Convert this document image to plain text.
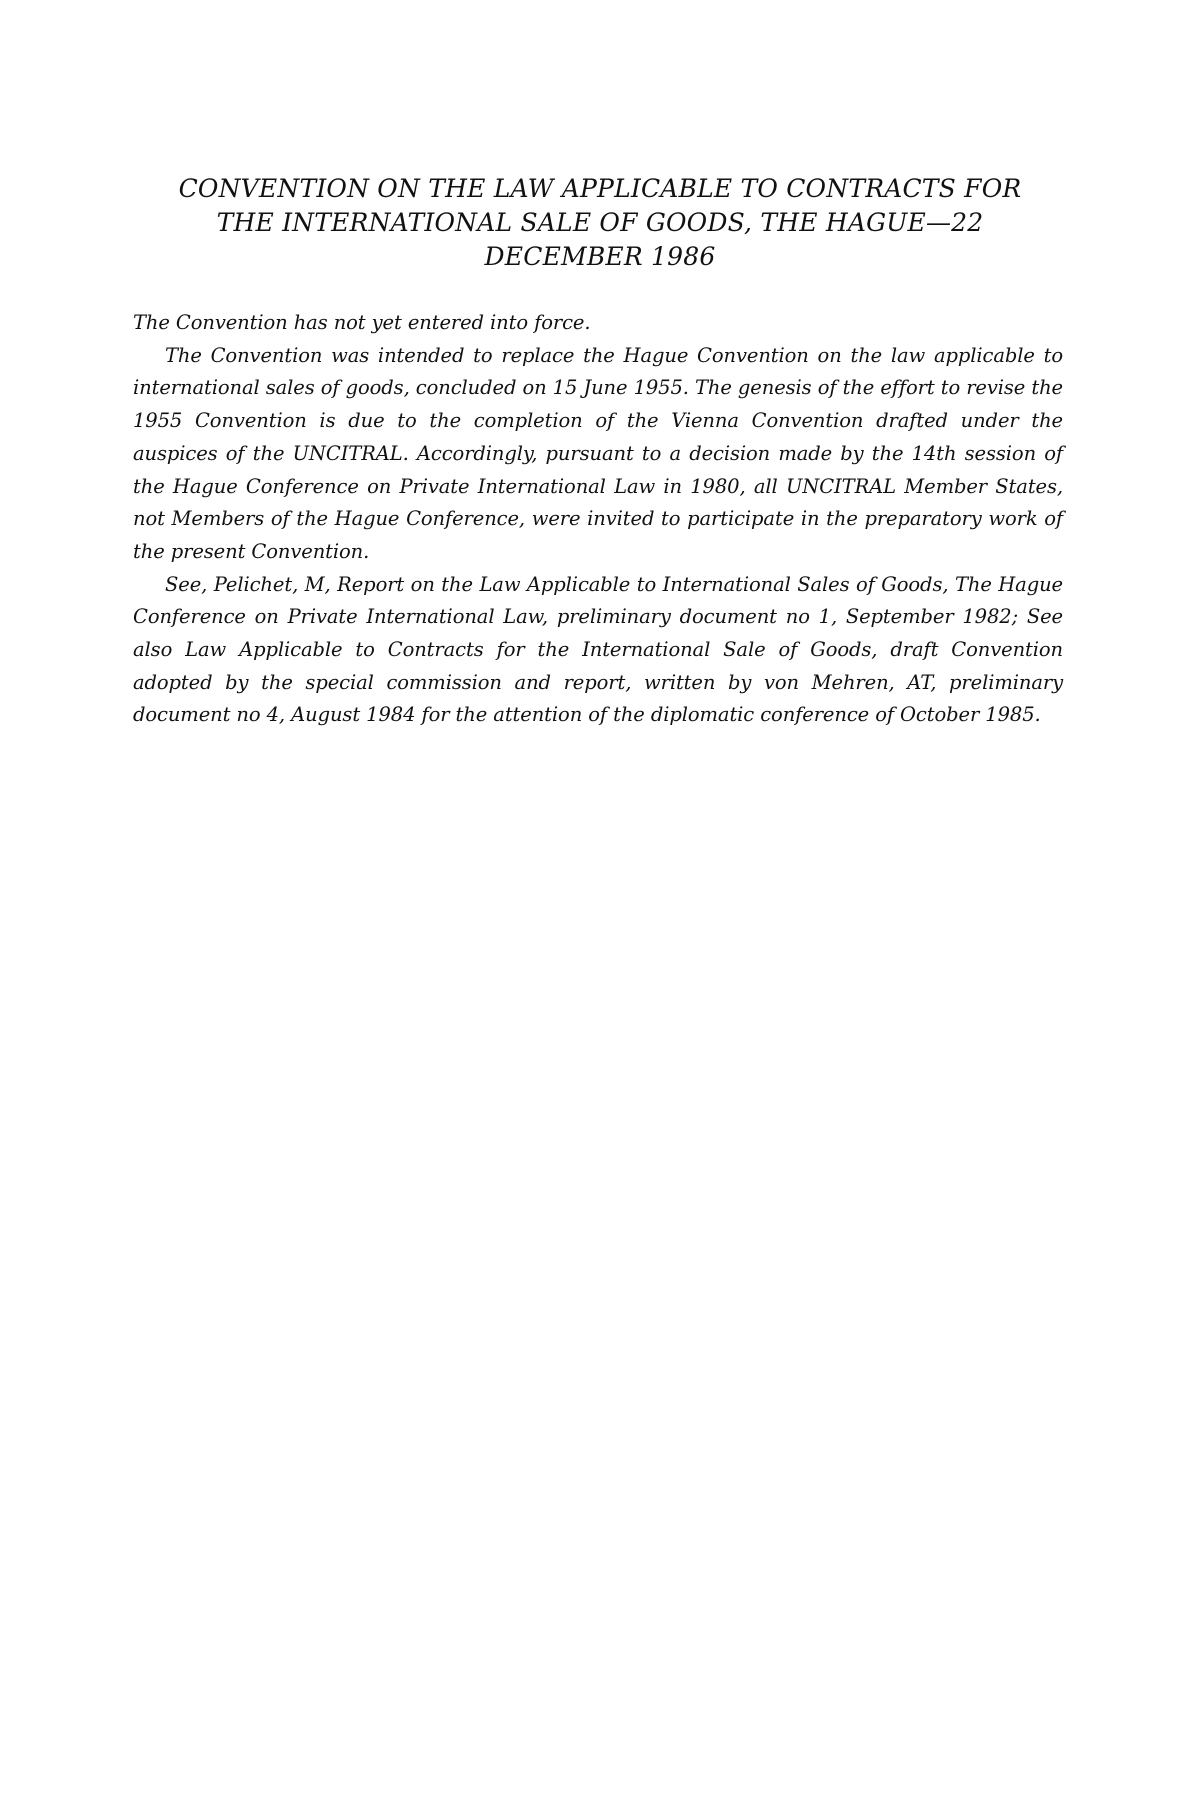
CONVENTION ON THE LAW APPLICABLE TO CONTRACTS FOR
THE INTERNATIONAL SALE OF GOODS, THE HAGUE—22
DECEMBER 1986

The Convention has not yet entered into force.

The Convention was intended to replace the Hague Convention on the law applicable to international sales of goods, concluded on 15 June 1955. The genesis of the effort to revise the 1955 Convention is due to the completion of the Vienna Convention drafted under the auspices of the UNCITRAL. Accordingly, pursuant to a decision made by the 14th session of the Hague Conference on Private International Law in 1980, all UNCITRAL Member States, not Members of the Hague Conference, were invited to participate in the preparatory work of the present Convention.

See, Pelichet, M, Report on the Law Applicable to International Sales of Goods, The Hague Conference on Private International Law, preliminary document no 1, September 1982; See also Law Applicable to Contracts for the International Sale of Goods, draft Convention adopted by the special commission and report, written by von Mehren, AT, preliminary document no 4, August 1984 for the attention of the diplomatic conference of October 1985.
